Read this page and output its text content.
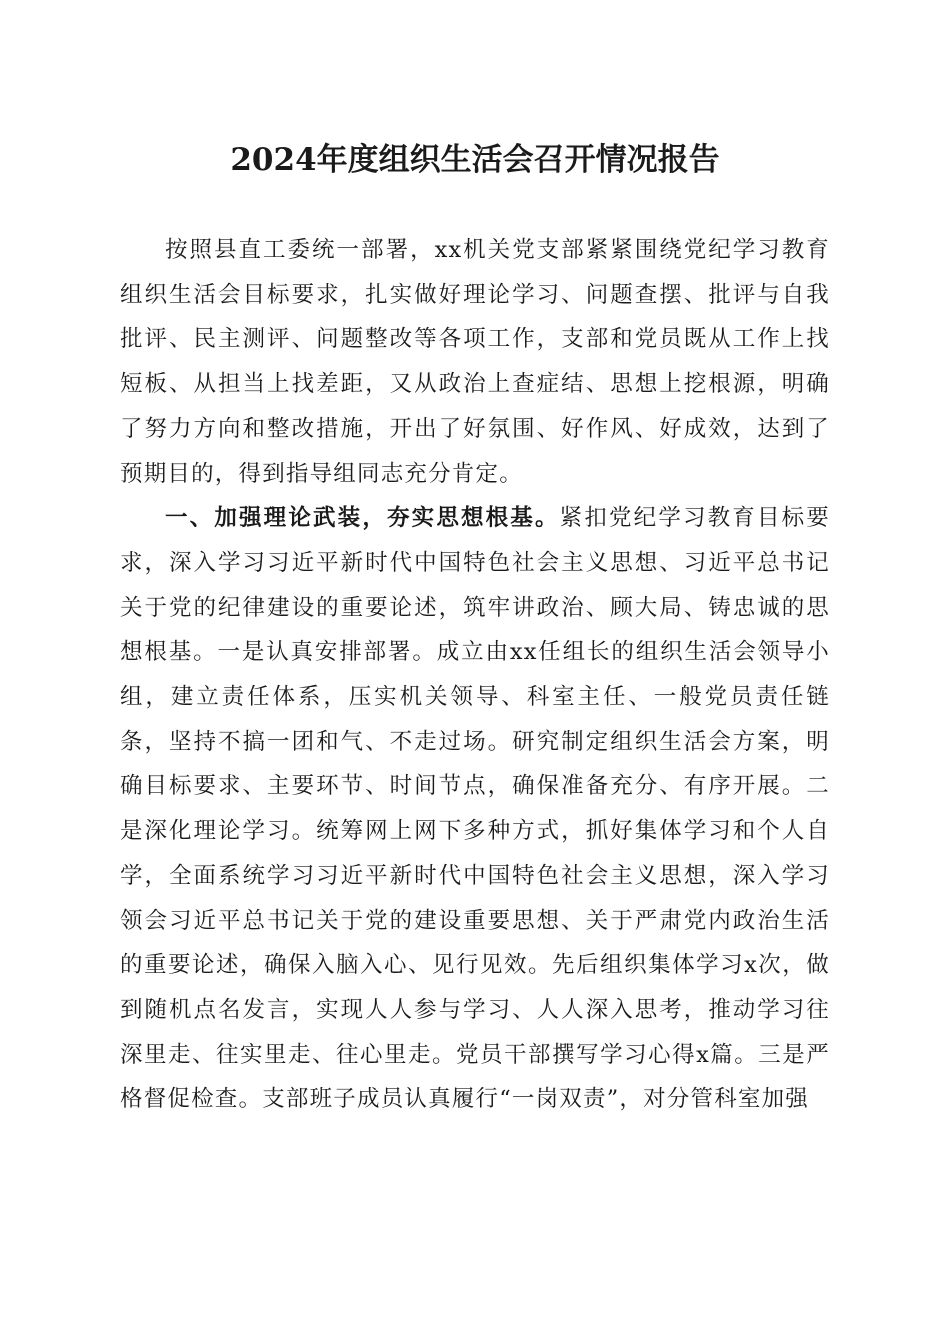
2024年度组织生活会召开情况报告

按照县直工委统一部署，xx机关党支部紧紧围绕党纪学习教育组织生活会目标要求，扎实做好理论学习、问题查摆、批评与自我批评、民主测评、问题整改等各项工作，支部和党员既从工作上找短板、从担当上找差距，又从政治上查症结、思想上挖根源，明确了努力方向和整改措施，开出了好氛围、好作风、好成效，达到了预期目的，得到指导组同志充分肯定。

一、加强理论武装，夯实思想根基。紧扣党纪学习教育目标要求，深入学习习近平新时代中国特色社会主义思想、习近平总书记关于党的纪律建设的重要论述，筑牢讲政治、顾大局、铸忠诚的思想根基。一是认真安排部署。成立由xx任组长的组织生活会领导小组，建立责任体系，压实机关领导、科室主任、一般党员责任链条，坚持不搞一团和气、不走过场。研究制定组织生活会方案，明确目标要求、主要环节、时间节点，确保准备充分、有序开展。二是深化理论学习。统筹网上网下多种方式，抓好集体学习和个人自学，全面系统学习习近平新时代中国特色社会主义思想，深入学习领会习近平总书记关于党的建设重要思想、关于严肃党内政治生活的重要论述，确保入脑入心、见行见效。先后组织集体学习x次，做到随机点名发言，实现人人参与学习、人人深入思考，推动学习往深里走、往实里走、往心里走。党员干部撰写学习心得x篇。三是严格督促检查。支部班子成员认真履行“一岗双责”，对分管科室加强
